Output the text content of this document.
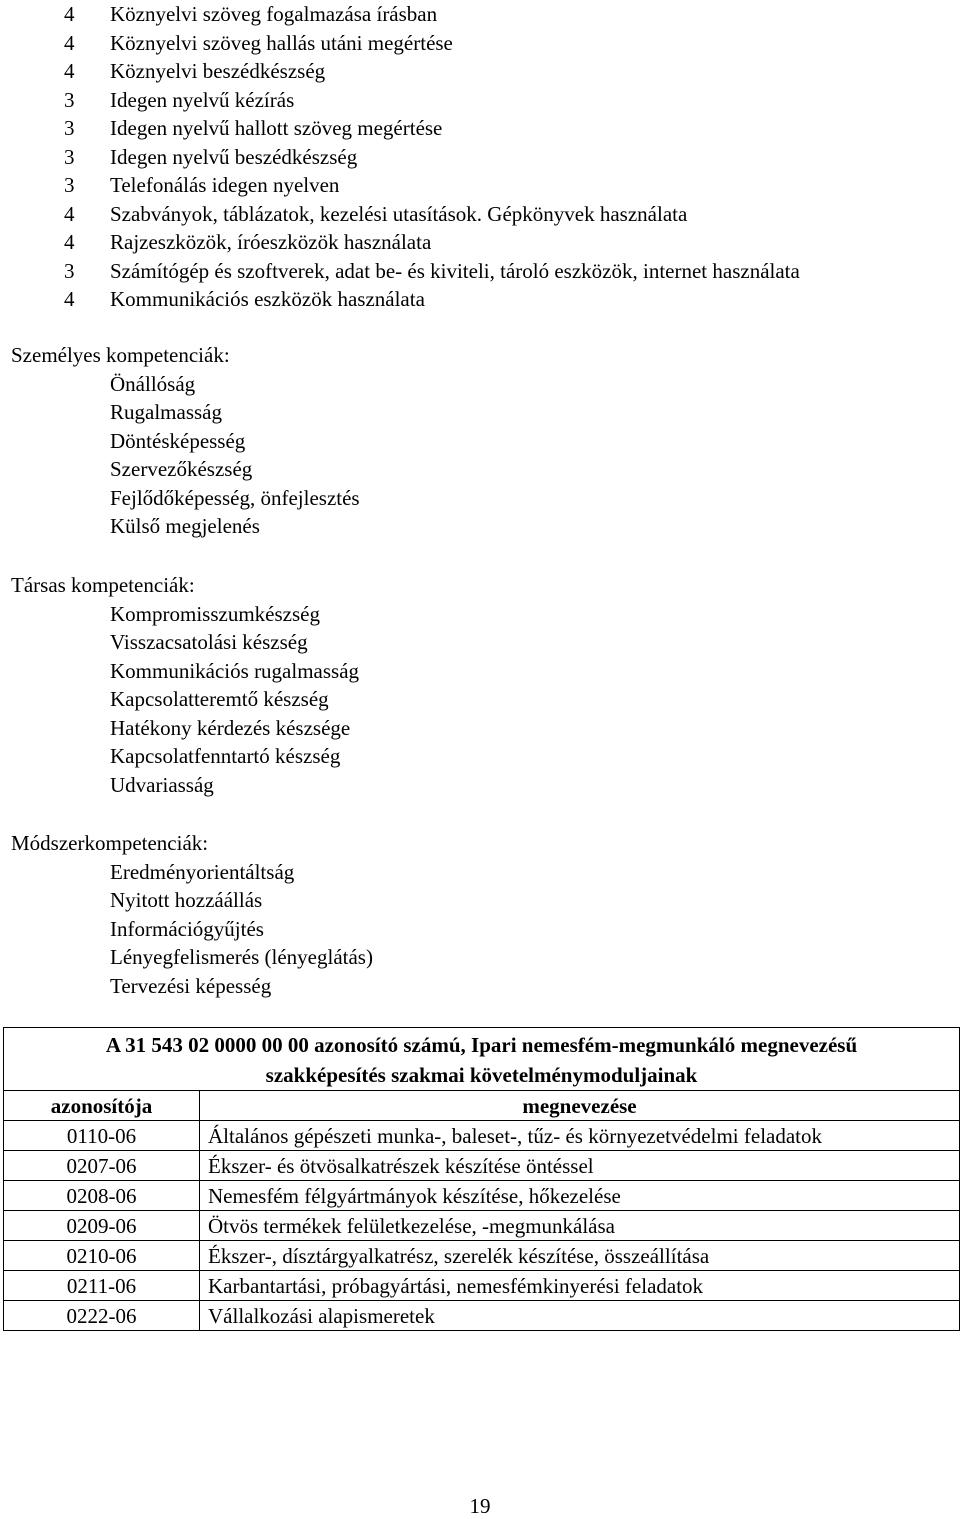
4	Köznyelvi szöveg fogalmazása írásban
4	Köznyelvi szöveg hallás utáni megértése
4	Köznyelvi beszédkészség
3	Idegen nyelvű kézírás
3	Idegen nyelvű hallott szöveg megértése
3	Idegen nyelvű beszédkészség
3	Telefonálás idegen nyelven
4	Szabványok, táblázatok, kezelési utasítások. Gépkönyvek használata
4	Rajzeszközök, íróeszközök használata
3	Számítógép és szoftverek, adat be- és kiviteli, tároló eszközök, internet használata
4	Kommunikációs eszközök használata
Személyes kompetenciák:
Önállóság
Rugalmasság
Döntésképesség
Szervezőkészség
Fejlődőképesség, önfejlesztés
Külső megjelenés
Társas kompetenciák:
Kompromisszumkészség
Visszacsatolási készség
Kommunikációs rugalmasság
Kapcsolatteremtő készség
Hatékony kérdezés készsége
Kapcsolatfenntartó készség
Udvariasság
Módszerkompetenciák:
Eredményorientáltság
Nyitott hozzáállás
Információgyűjtés
Lényegfelismerés (lényeglátás)
Tervezési képesség
A 31 543 02 0000 00 00 azonosító számú, Ipari nemesfém-megmunkáló megnevezésű
szakképesítés szakmai követelménymoduljainak	

azonosítója	megnevezése
0110-06	Általános gépészeti munka-, baleset-, tűz- és környezetvédelmi feladatok
0207-06	Ékszer- és ötvösalkatrészek készítése öntéssel
0208-06	Nemesfém félgyártmányok készítése, hőkezelése
0209-06	Ötvös termékek felületkezelése, -megmunkálása
0210-06	Ékszer-, dísztárgyalkatrész, szerelék készítése, összeállítása
0211-06	Karbantartási, próbagyártási, nemesfémkinyerési feladatok
0222-06	Vállalkozási alapismeretek
19
